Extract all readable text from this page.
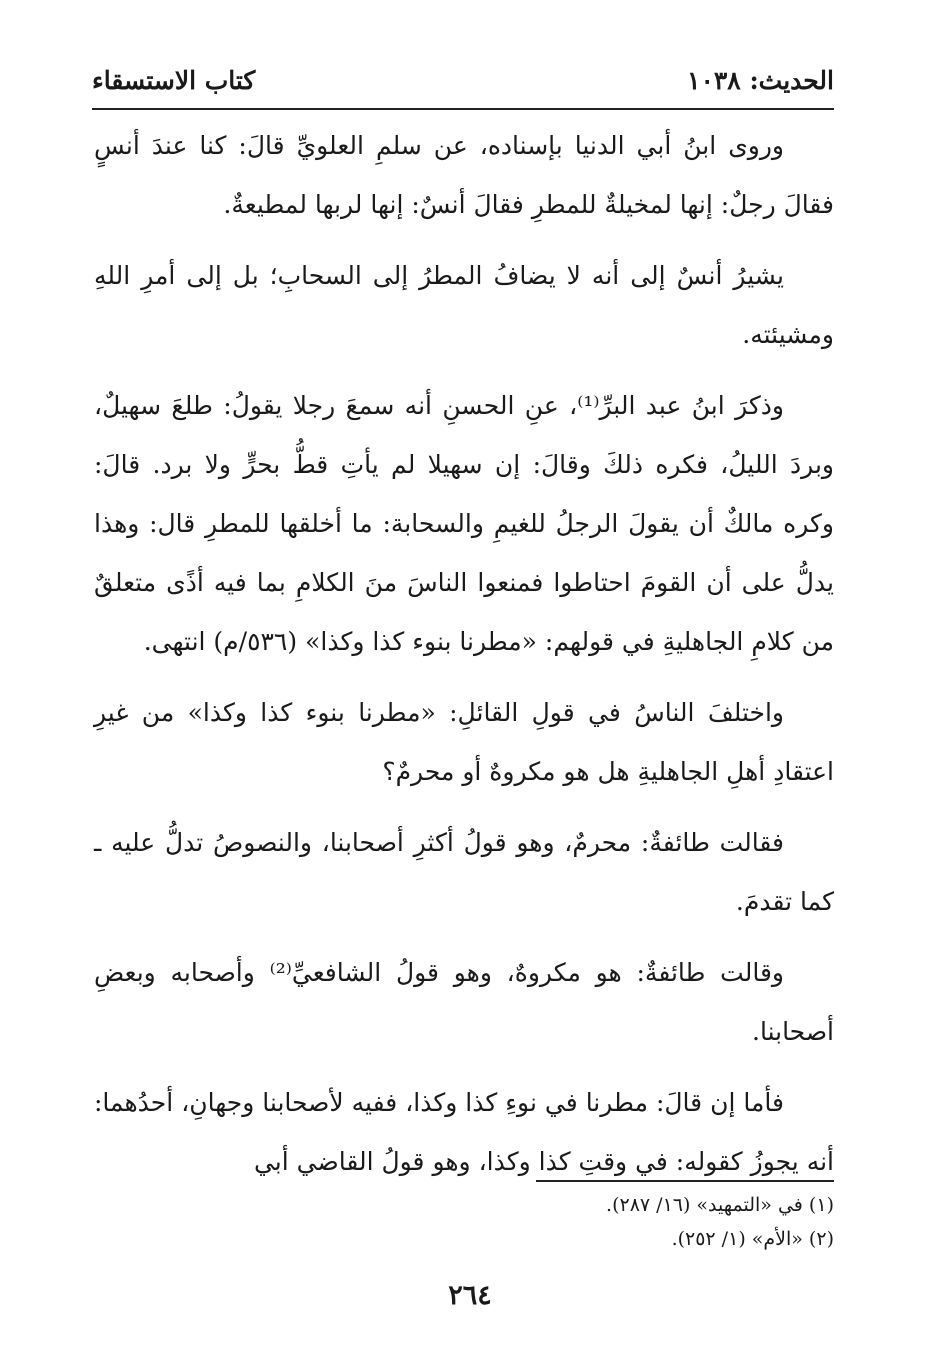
الحديث: ١٠٣٨
كتاب الاستسقاء

وروى ابنُ أبي الدنيا بإسناده، عن سلمِ العلويِّ قالَ: كنا عندَ أنسٍ فقالَ رجلٌ: إنها لمخيلةٌ للمطرِ فقالَ أنسٌ: إنها لربها لمطيعةٌ.

يشيرُ أنسٌ إلى أنه لا يضافُ المطرُ إلى السحابِ؛ بل إلى أمرِ اللهِ ومشيئته.

وذكرَ ابنُ عبد البرِّ⁽¹⁾، عنِ الحسنِ أنه سمعَ رجلا يقولُ: طلعَ سهيلٌ، وبردَ الليلُ، فكره ذلكَ وقالَ: إن سهيلا لم يأتِ قطُّ بحرٍّ ولا برد. قالَ: وكره مالكٌ أن يقولَ الرجلُ للغيمِ والسحابة: ما أخلقها للمطرِ قال: وهذا يدلُّ على أن القومَ احتاطوا فمنعوا الناسَ منَ الكلامِ بما فيه أذًى متعلقٌ من كلامِ الجاهليةِ في قولهم: «مطرنا بنوء كذا وكذا» (٥٣٦/م) انتهى.

واختلفَ الناسُ في قولِ القائلِ: «مطرنا بنوء كذا وكذا» من غيرِ اعتقادِ أهلِ الجاهليةِ هل هو مكروهٌ أو محرمٌ؟

فقالت طائفةٌ: محرمٌ، وهو قولُ أكثرِ أصحابنا، والنصوصُ تدلُّ عليه ـ كما تقدمَ.

وقالت طائفةٌ: هو مكروهٌ، وهو قولُ الشافعيِّ⁽²⁾ وأصحابه وبعضِ أصحابنا.

فأما إن قالَ: مطرنا في نوءِ كذا وكذا، ففيه لأصحابنا وجهانِ، أحدُهما: أنه يجوزُ كقوله: في وقتِ كذا وكذا، وهو قولُ القاضي أبي

(١) في «التمهيد» (١٦/ ٢٨٧).
(٢) «الأم» (١/ ٢٥٢).
٢٦٤
